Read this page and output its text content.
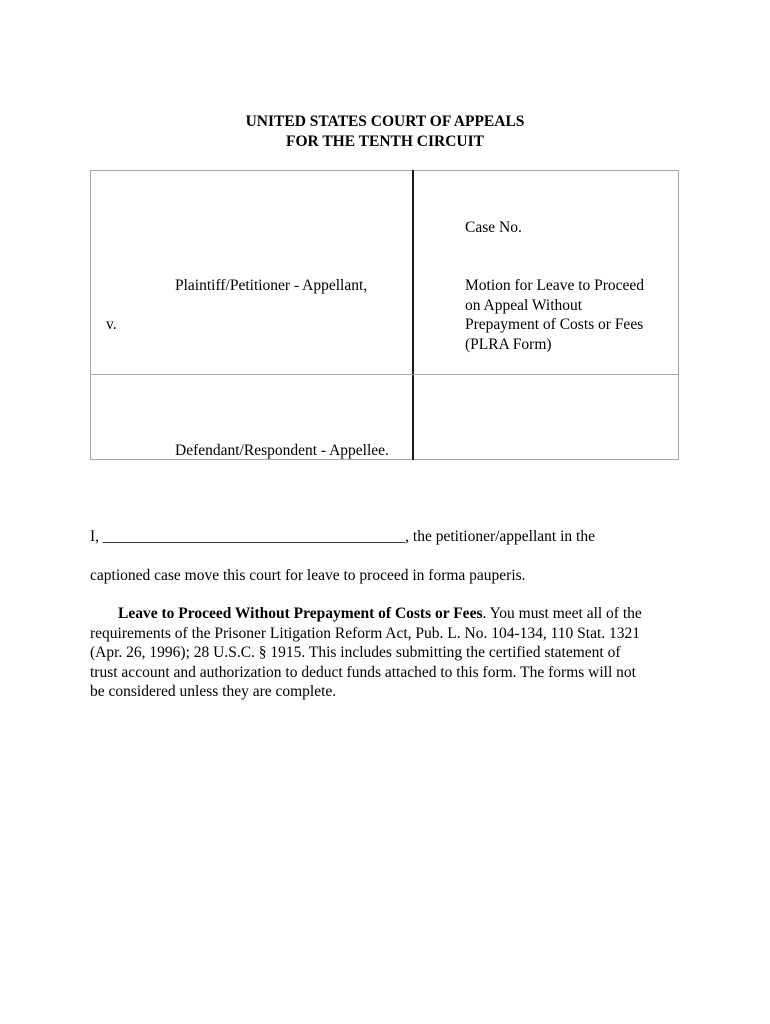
UNITED STATES COURT OF APPEALS
FOR THE TENTH CIRCUIT
Plaintiff/Petitioner - Appellant,
v.
Defendant/Respondent - Appellee.
Case No.
Motion for Leave to Proceed
on Appeal Without
Prepayment of Costs or Fees
(PLRA Form)
I, _______________________________________, the petitioner/appellant in the
captioned case move this court for leave to proceed in forma pauperis.
Leave to Proceed Without Prepayment of Costs or Fees. You must meet all of the
requirements of the Prisoner Litigation Reform Act, Pub. L. No. 104-134, 110 Stat. 1321
(Apr. 26, 1996); 28 U.S.C. § 1915. This includes submitting the certified statement of
trust account and authorization to deduct funds attached to this form. The forms will not
be considered unless they are complete.
